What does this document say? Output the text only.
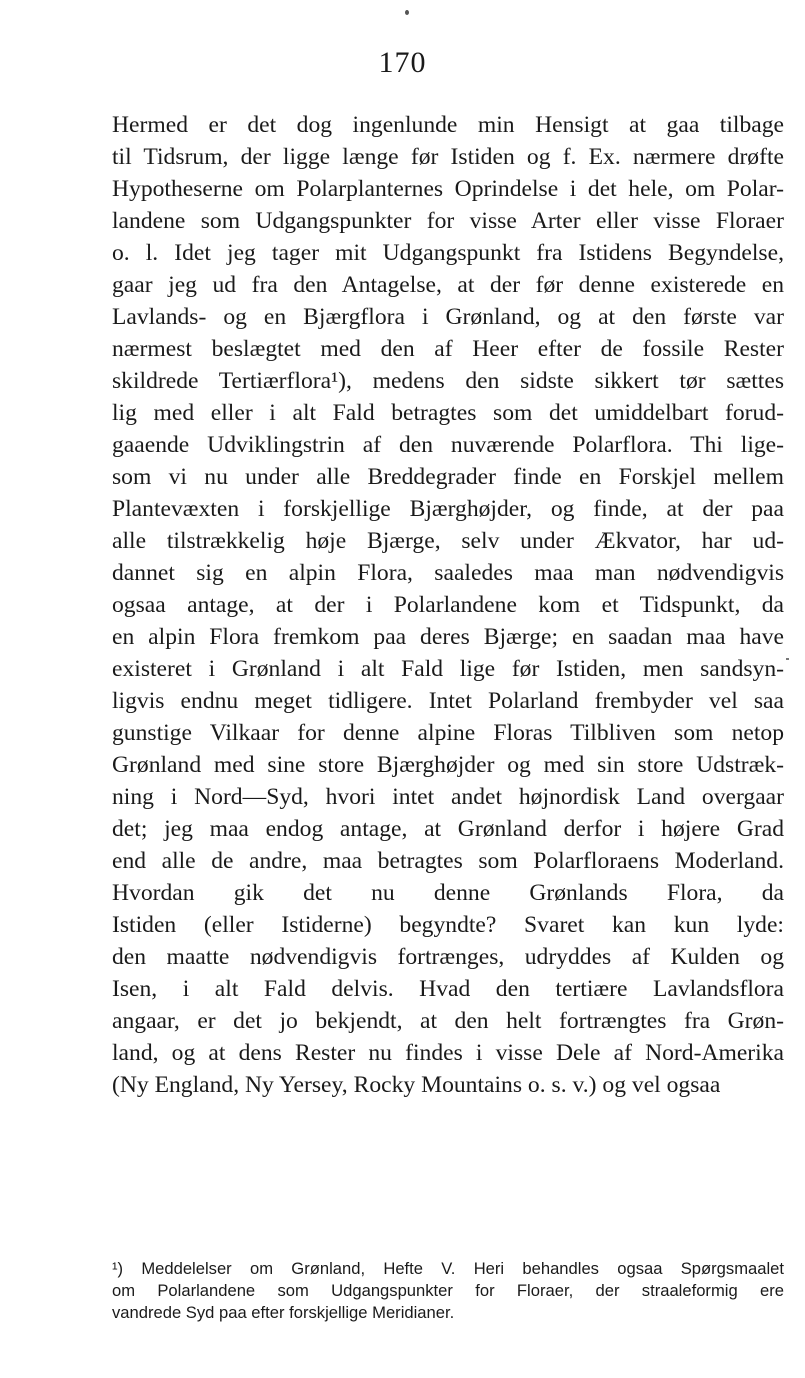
170
Hermed er det dog ingenlunde min Hensigt at gaa tilbage
til Tidsrum, der ligge længe før Istiden og f. Ex. nærmere drøfte
Hypotheserne om Polarplanternes Oprindelse i det hele, om Polar-
landene som Udgangspunkter for visse Arter eller visse Floraer
o. l. Idet jeg tager mit Udgangspunkt fra Istidens Begyndelse,
gaar jeg ud fra den Antagelse, at der før denne existerede en
Lavlands- og en Bjærgflora i Grønland, og at den første var
nærmest beslægtet med den af Heer efter de fossile Rester
skildrede Tertiærflora¹), medens den sidste sikkert tør sættes
lig med eller i alt Fald betragtes som det umiddelbart forud-
gaaende Udviklingstrin af den nuværende Polarflora. Thi lige-
som vi nu under alle Breddegrader finde en Forskjel mellem
Plantevæxten i forskjellige Bjærghøjder, og finde, at der paa
alle tilstrækkelig høje Bjærge, selv under Ækvator, har ud-
dannet sig en alpin Flora, saaledes maa man nødvendigvis
ogsaa antage, at der i Polarlandene kom et Tidspunkt, da
en alpin Flora fremkom paa deres Bjærge; en saadan maa have
existeret i Grønland i alt Fald lige før Istiden, men sandsyn-
ligvis endnu meget tidligere. Intet Polarland frembyder vel saa
gunstige Vilkaar for denne alpine Floras Tilbliven som netop
Grønland med sine store Bjærghøjder og med sin store Udstræk-
ning i Nord—Syd, hvori intet andet højnordisk Land overgaar
det; jeg maa endog antage, at Grønland derfor i højere Grad
end alle de andre, maa betragtes som Polarfloraens Moderland.
Hvordan gik det nu denne Grønlands Flora, da
Istiden (eller Istiderne) begyndte? Svaret kan kun lyde:
den maatte nødvendigvis fortrænges, udryddes af Kulden og
Isen, i alt Fald delvis. Hvad den tertiære Lavlandsflora
angaar, er det jo bekjendt, at den helt fortrængtes fra Grøn-
land, og at dens Rester nu findes i visse Dele af Nord-Amerika
(Ny England, Ny Yersey, Rocky Mountains o. s. v.) og vel ogsaa
¹) Meddelelser om Grønland, Hefte V. Heri behandles ogsaa Spørgsmaalet
om Polarlandene som Udgangspunkter for Floraer, der straaleformig ere
vandrede Syd paa efter forskjellige Meridianer.
